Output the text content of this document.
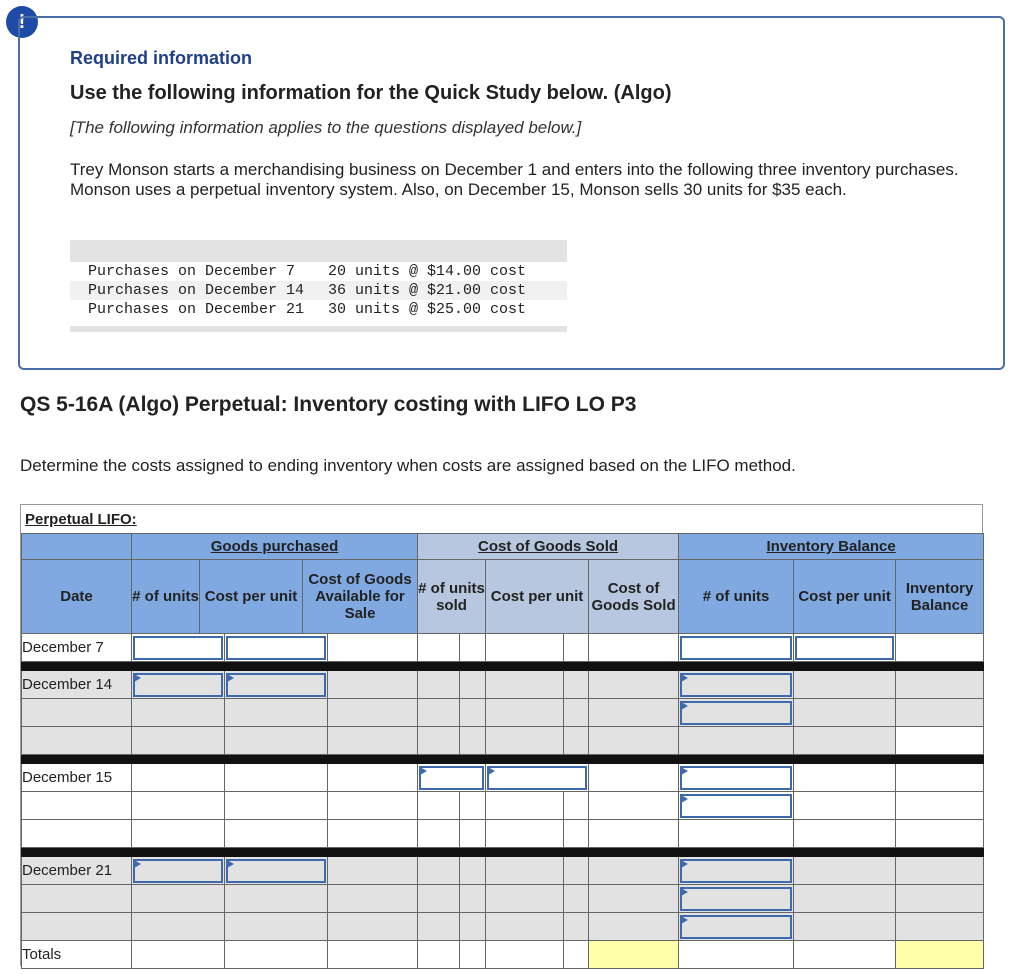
!
Required information
Use the following information for the Quick Study below. (Algo)
[The following information applies to the questions displayed below.]
Trey Monson starts a merchandising business on December 1 and enters into the following three inventory purchases. Monson uses a perpetual inventory system. Also, on December 15, Monson sells 30 units for $35 each.
Purchases on December 7	20 units @ $14.00 cost
Purchases on December 14	36 units @ $21.00 cost
Purchases on December 21	30 units @ $25.00 cost
QS 5-16A (Algo) Perpetual: Inventory costing with LIFO LO P3
Determine the costs assigned to ending inventory when costs are assigned based on the LIFO method.
Perpetual LIFO:
	Goods purchased					Cost of Goods Sold					Inventory Balance		
Date	# of units	Cost per unit		Cost of Goods Available for Sale		# of units sold		Cost per unit		Cost of Goods Sold	# of units	Cost per unit	Inventory Balance
December 7			

December 14			

December 15								

December 21			

Totals													
